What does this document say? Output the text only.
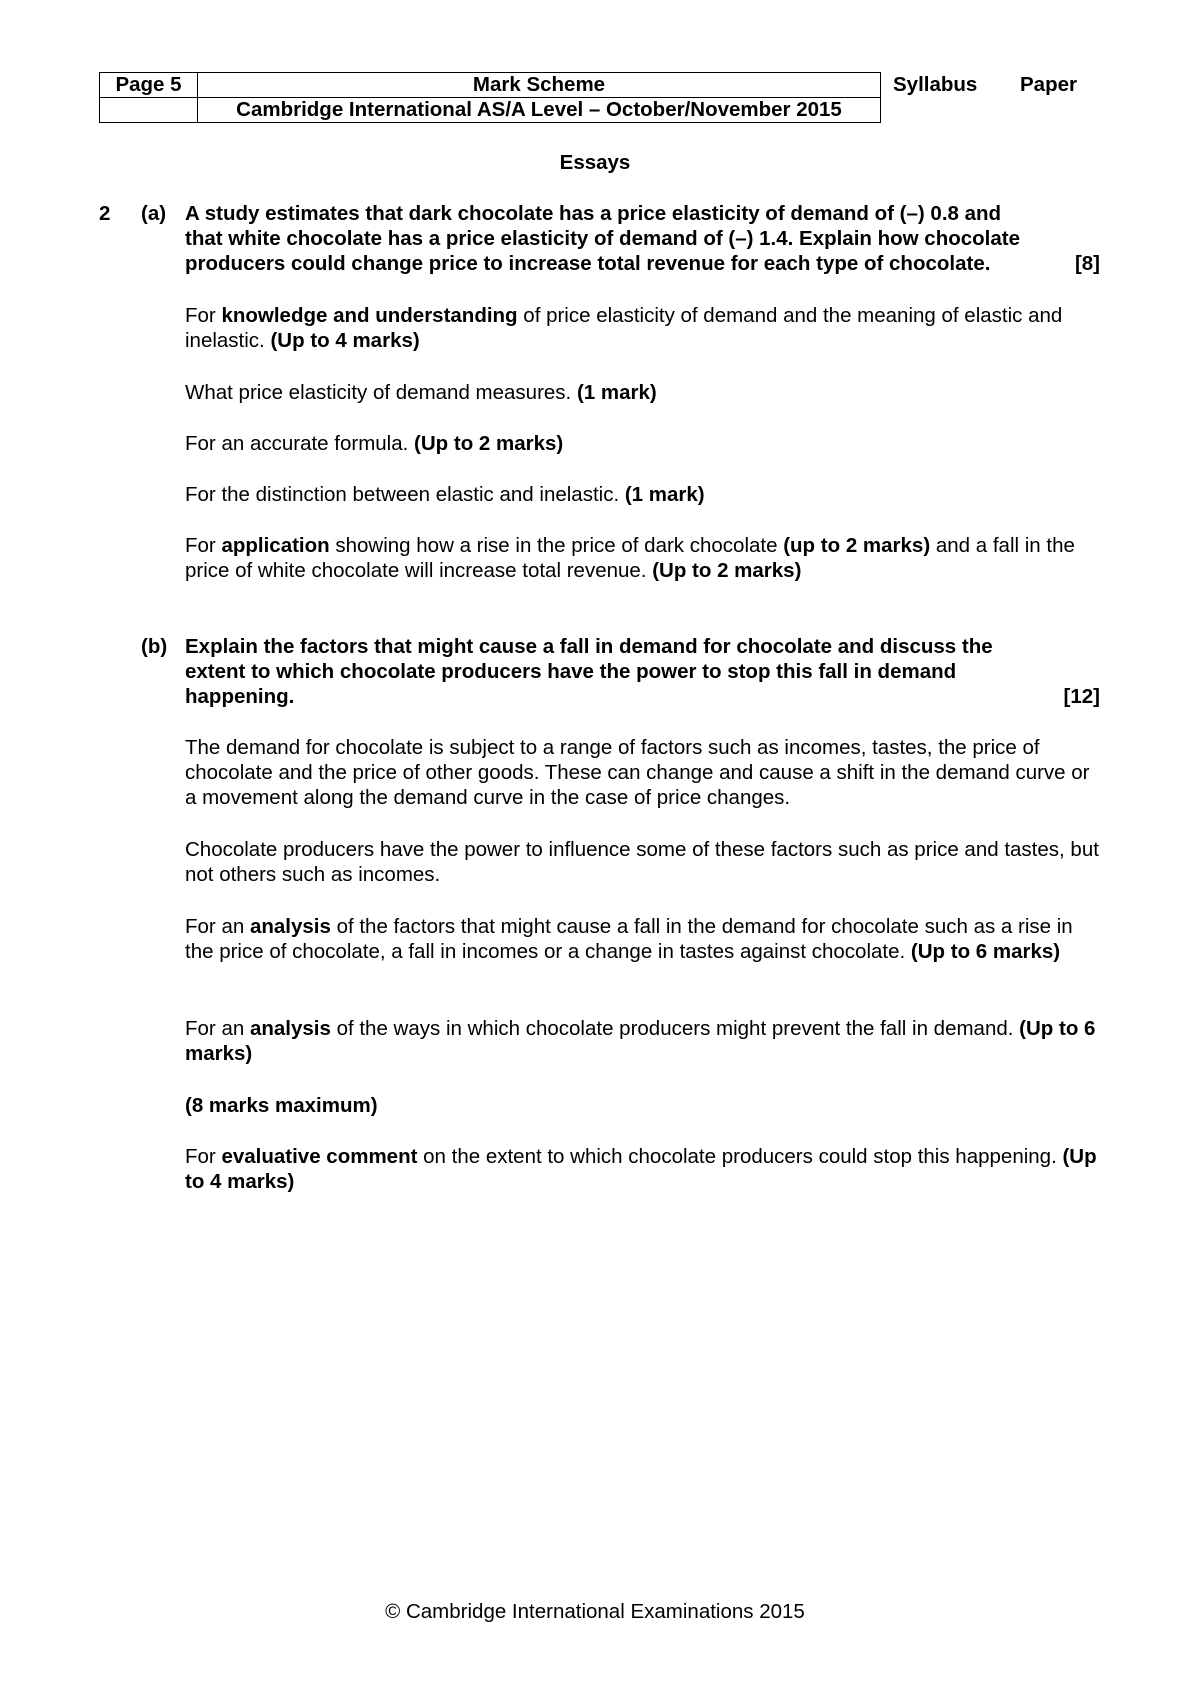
Page 5	Mark Scheme
	Cambridge International AS/A Level – October/November 2015
Syllabus Paper
Essays
2 (a) A study estimates that dark chocolate has a price elasticity of demand of (–) 0.8 and

that white chocolate has a price elasticity of demand of (–) 1.4. Explain how chocolate

producers could change price to increase total revenue for each type of chocolate.	[8]

For knowledge and understanding of price elasticity of demand and the meaning of elastic and inelastic. (Up to 4 marks)

What price elasticity of demand measures. (1 mark)

For an accurate formula. (Up to 2 marks)

For the distinction between elastic and inelastic. (1 mark)

For application showing how a rise in the price of dark chocolate (up to 2 marks) and a fall in the price of white chocolate will increase total revenue. (Up to 2 marks)

(b) Explain the factors that might cause a fall in demand for chocolate and discuss the

extent to which chocolate producers have the power to stop this fall in demand

happening.	[12]

The demand for chocolate is subject to a range of factors such as incomes, tastes, the price of chocolate and the price of other goods. These can change and cause a shift in the demand curve or a movement along the demand curve in the case of price changes.

Chocolate producers have the power to influence some of these factors such as price and tastes, but not others such as incomes.

For an analysis of the factors that might cause a fall in the demand for chocolate such as a rise in the price of chocolate, a fall in incomes or a change in tastes against chocolate. (Up to 6 marks)

For an analysis of the ways in which chocolate producers might prevent the fall in demand. (Up to 6 marks)

(8 marks maximum)

For evaluative comment on the extent to which chocolate producers could stop this happening. (Up to 4 marks)

© Cambridge International Examinations 2015
